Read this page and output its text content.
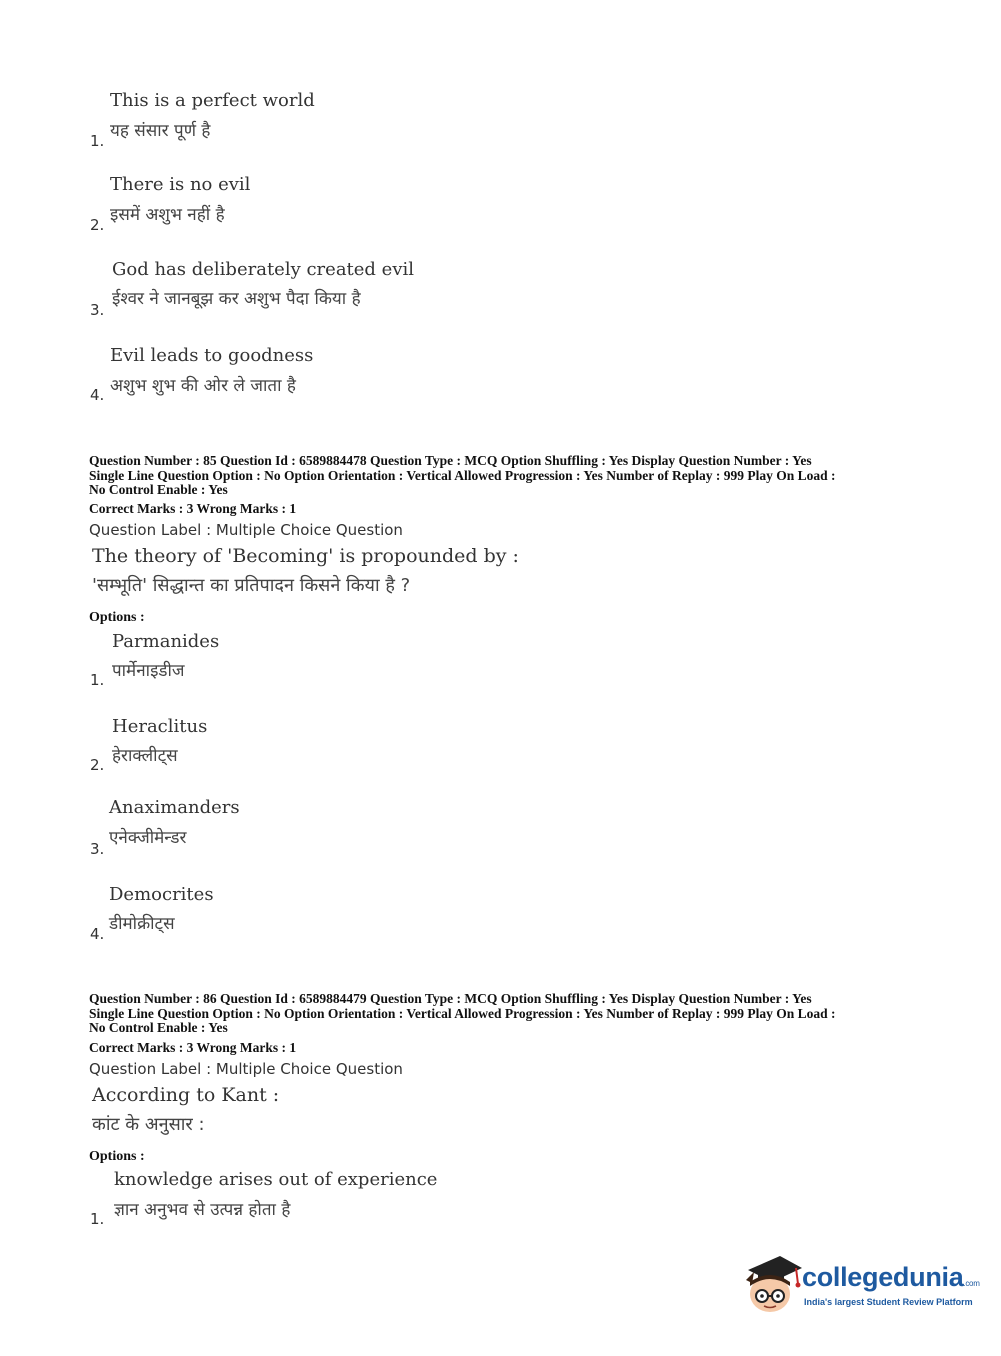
This is a perfect world
यह संसार पूर्ण है
1.
There is no evil
इसमें अशुभ नहीं है
2.
God has deliberately created evil
ईश्वर ने जानबूझ कर अशुभ पैदा किया है
3.
Evil leads to goodness
अशुभ शुभ की ओर ले जाता है
4.
Question Number : 85 Question Id : 6589884478 Question Type : MCQ Option Shuffling : Yes Display Question Number : Yes
Single Line Question Option : No Option Orientation : Vertical Allowed Progression : Yes Number of Replay : 999 Play On Load :
No Control Enable : Yes
Correct Marks : 3 Wrong Marks : 1
Question Label : Multiple Choice Question
The theory of 'Becoming' is propounded by :
'सम्भूति' सिद्धान्त का प्रतिपादन किसने किया है ?
Options :
Parmanides
पार्मेनाइडीज
1.
Heraclitus
हेराक्लीट्स
2.
Anaximanders
एनेक्जीमेन्डर
3.
Democrites
डीमोक्रीट्स
4.
Question Number : 86 Question Id : 6589884479 Question Type : MCQ Option Shuffling : Yes Display Question Number : Yes
Single Line Question Option : No Option Orientation : Vertical Allowed Progression : Yes Number of Replay : 999 Play On Load :
No Control Enable : Yes
Correct Marks : 3 Wrong Marks : 1
Question Label : Multiple Choice Question
According to Kant :
कांट के अनुसार :
Options :
knowledge arises out of experience
ज्ञान अनुभव से उत्पन्न होता है
1.
collegedunia.com
India's largest Student Review Platform
